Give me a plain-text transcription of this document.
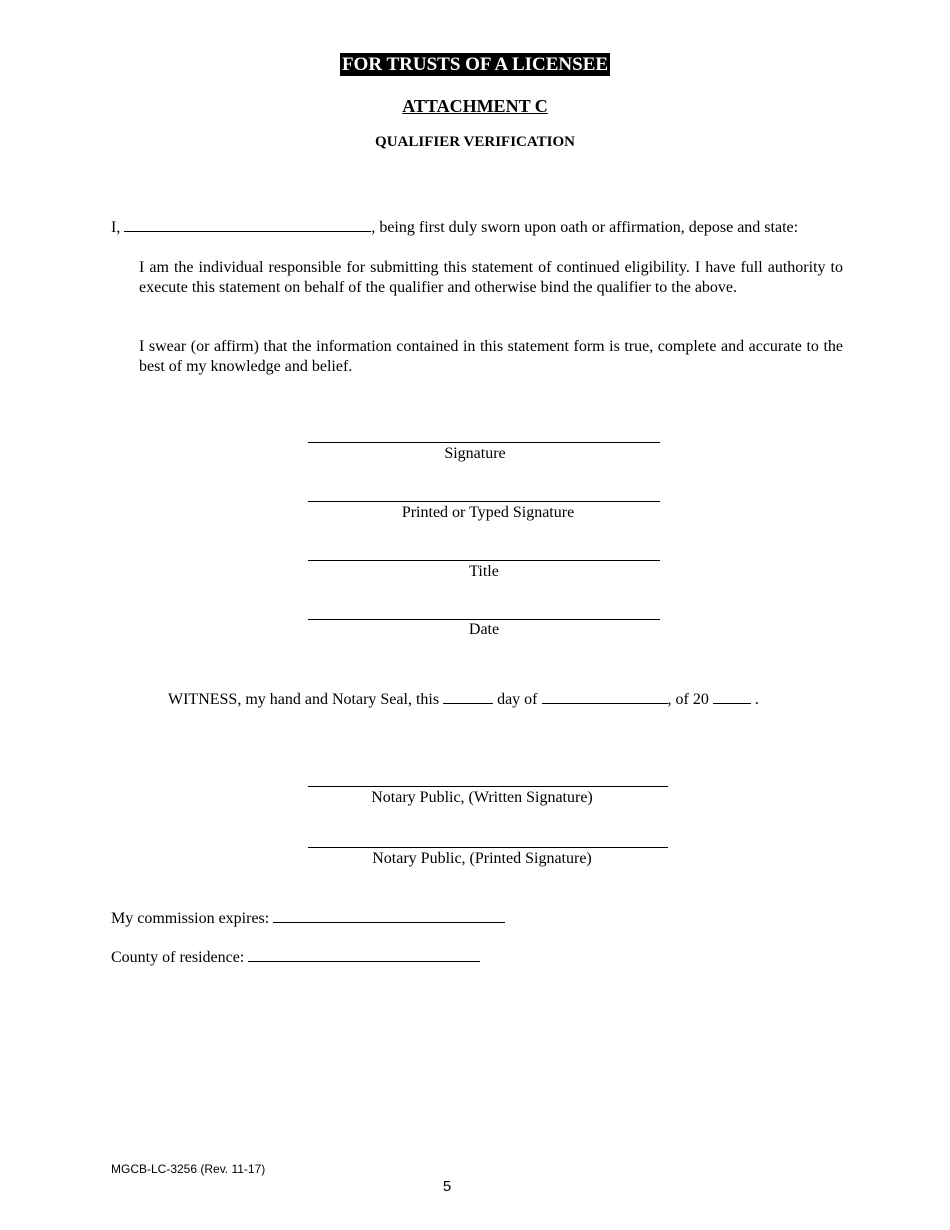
FOR TRUSTS OF A LICENSEE
ATTACHMENT C
QUALIFIER VERIFICATION
I,	, being first duly sworn upon oath or affirmation, depose and state:
I am the individual responsible for submitting this statement of continued eligibility. I have full authority to execute this statement on behalf of the qualifier and otherwise bind the qualifier to the above.
I swear (or affirm) that the information contained in this statement form is true, complete and accurate to the best of my knowledge and belief.
Signature
Printed or Typed Signature
Title
Date
WITNESS, my hand and Notary Seal, this	day of	, of 20	.
Notary Public, (Written Signature)
Notary Public, (Printed Signature)
My commission expires:
County of residence:
MGCB-LC-3256 (Rev. 11-17)
5
